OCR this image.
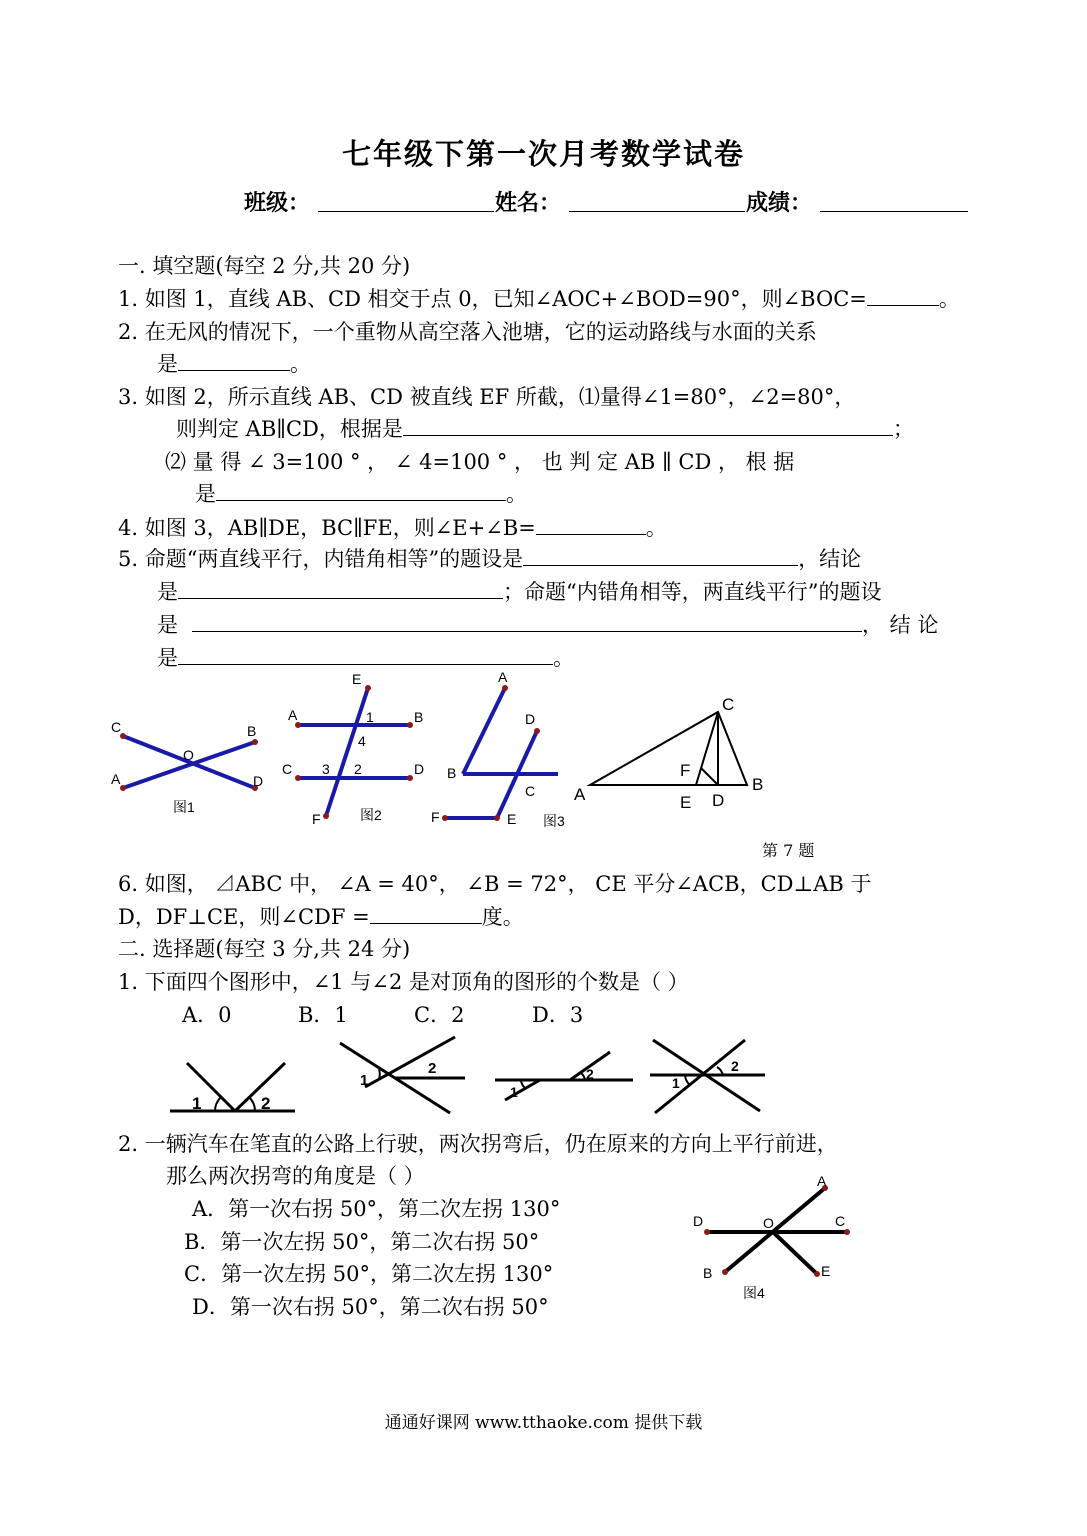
七年级下第一次月考数学试卷
班级：	姓名：	成绩：
一. 填空题(每空 2 分,共 20 分)
1. 如图 1，直线 AB、CD 相交于点 0，已知∠AOC+∠BOD=90°，则∠BOC=	。
2. 在无风的情况下，一个重物从高空落入池塘，它的运动路线与水面的关系
是	。
3. 如图 2，所示直线 AB、CD 被直线 EF 所截，⑴量得∠1=80°，∠2=80°，
则判定 AB∥CD，根据是	；
⑵ 量 得 ∠ 3=100 ° ， ∠ 4=100 ° ， 也 判 定 AB ∥ CD ， 根 据
是	。
4. 如图 3，AB∥DE，BC∥FE，则∠E+∠B=	。
5. 命题“两直线平行，内错角相等”的题设是	，结论
是	；命题“内错角相等，两直线平行”的题设
是	， 结 论
是	。
C	B
O
A	D
图1
E
A	1	B
4
C 3 2	D
F	图2
A
D
B
C
F	E 图3
C
F
A	E D
B
第 7 题
6. 如图， ⊿ABC 中， ∠A = 40°， ∠B = 72°， CE 平分∠ACB，CD⊥AB 于
D，DF⊥CE，则∠CDF =	度。
二. 选择题(每空 3 分,共 24 分)
1. 下面四个图形中，∠1 与∠2 是对顶角的图形的个数是（ ）
A．0	B．1	C．2	D．3
1	2
1
2
1
2
1
2
2. 一辆汽车在笔直的公路上行驶，两次拐弯后，仍在原来的方向上平行前进，
那么两次拐弯的角度是（ ）
A．第一次右拐 50°，第二次左拐 130°
B．第一次左拐 50°，第二次右拐 50°
C．第一次左拐 50°，第二次左拐 130°
D．第一次右拐 50°，第二次右拐 50°
A
D	O	C
B	E
图4
通通好课网 www.tthaoke.com 提供下载
